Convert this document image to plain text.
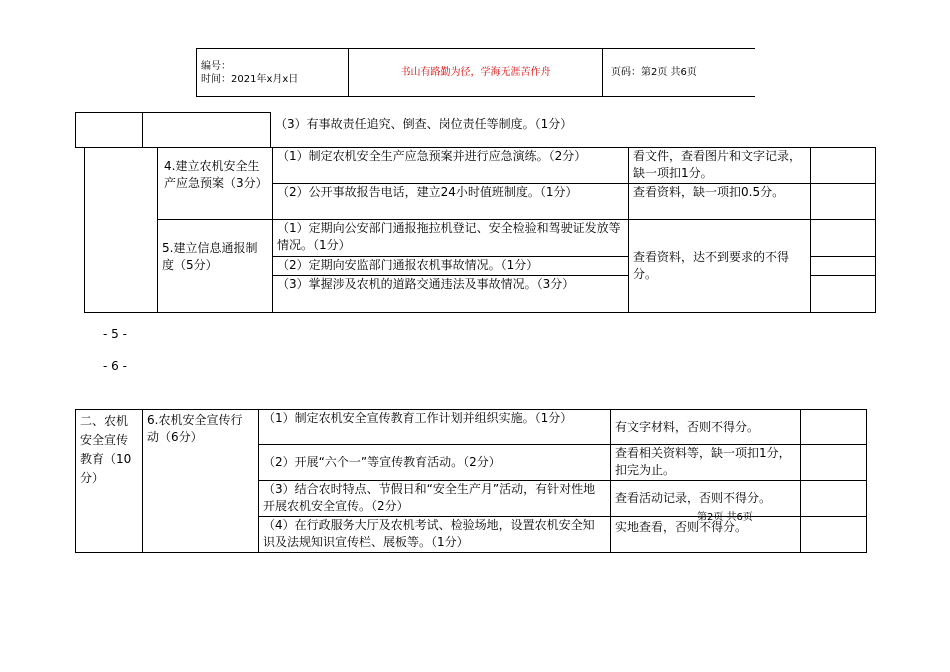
编号：
时间：2021年x月x日
	书山有路勤为径，学海无涯苦作舟	页码：第2页 共6页
		（3）有事故责任追究、倒查、岗位责任等制度。（1分）
	4.建立农机安全生产应急预案（3分）	（1）制定农机安全生产应急预案并进行应急演练。（2分）	看文件，查看图片和文字记录，缺一项扣1分。	
		（2）公开事故报告电话，建立24小时值班制度。（1分）	查看资料，缺一项扣0.5分。	
	5.建立信息通报制度（5分）	（1）定期向公安部门通报拖拉机登记、安全检验和驾驶证发放等情况。（1分）	查看资料，达不到要求的不得分。	
		（2）定期向安监部门通报农机事故情况。（1分）		
		（3）掌握涉及农机的道路交通违法及事故情况。（3分）		
- 5 -
- 6 -
二、农机安全宣传教育（10分）	6.农机安全宣传行动（6分）	（1）制定农机安全宣传教育工作计划并组织实施。（1分）	有文字材料，否则不得分。	
		（2）开展“六个一”等宣传教育活动。（2分）	查看相关资料等，缺一项扣1分，扣完为止。	
		（3）结合农时特点、节假日和“安全生产月”活动，有针对性地开展农机安全宣传。（2分）	查看活动记录，否则不得分。	
		（4）在行政服务大厅及农机考试、检验场地，设置农机安全知识及法规知识宣传栏、展板等。（1分）	实地查看，否则不得分。	
第2页 共6页
